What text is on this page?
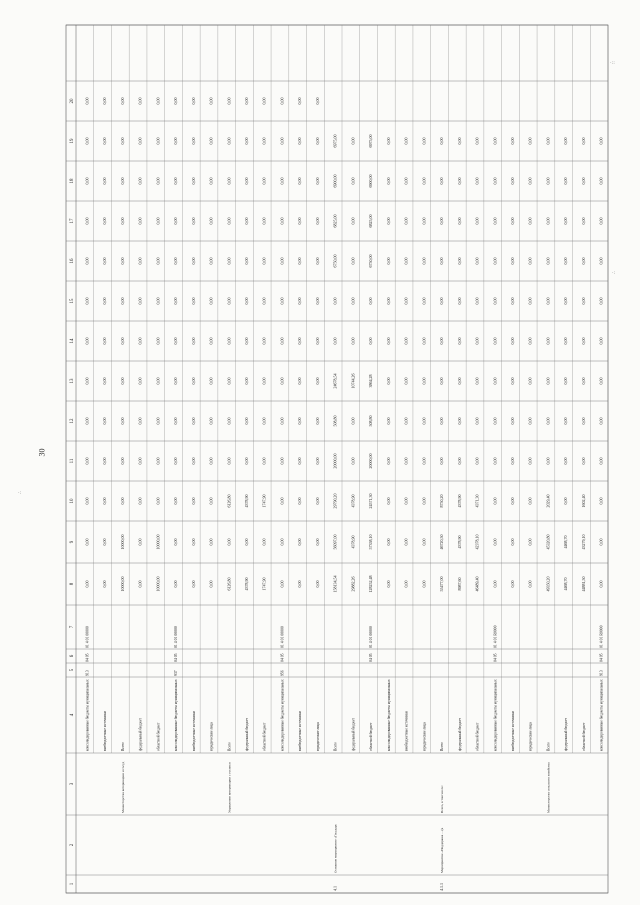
1
2
3
4
5
6
7
8
9
10
11
12
13
14
15
16
17
18
19
20
консолидированные бюджеты муниципальных
913
04 05
01 4 01 00000
0,00
0,00
0,00
0,00
0,00
0,00
0,00
0,00
0,00
0,00
0,00
0,00
0,00
внебюджетные источники
0,00
0,00
0,00
0,00
0,00
0,00
0,00
0,00
0,00
0,00
0,00
0,00
0,00
Министерство ветеринарии и госуд
Всего
10000,00
10000,00
0,00
0,00
0,00
0,00
0,00
0,00
0,00
0,00
0,00
0,00
0,00
федеральный бюджет
0,00
0,00
0,00
0,00
0,00
0,00
0,00
0,00
0,00
0,00
0,00
0,00
0,00
областной бюджет
10000,00
10000,00
0,00
0,00
0,00
0,00
0,00
0,00
0,00
0,00
0,00
0,00
0,00
консолидированные бюджеты муниципальных
937
04 05
01 4 01 00000
0,00
0,00
0,00
0,00
0,00
0,00
0,00
0,00
0,00
0,00
0,00
0,00
0,00
внебюджетные источники
0,00
0,00
0,00
0,00
0,00
0,00
0,00
0,00
0,00
0,00
0,00
0,00
0,00
юридические лица
0,00
0,00
0,00
0,00
0,00
0,00
0,00
0,00
0,00
0,00
0,00
0,00
0,00
Управление ветеринарии с госинсп
Всего
6126,80
0,00
6126,80
0,00
0,00
0,00
0,00
0,00
0,00
0,00
0,00
0,00
0,00
федеральный бюджет
4378,90
0,00
4378,90
0,00
0,00
0,00
0,00
0,00
0,00
0,00
0,00
0,00
0,00
областной бюджет
1747,90
0,00
1747,90
0,00
0,00
0,00
0,00
0,00
0,00
0,00
0,00
0,00
0,00
консолидированные бюджеты муниципальных
956
04 05
01 4 01 00000
0,00
0,00
0,00
0,00
0,00
0,00
0,00
0,00
0,00
0,00
0,00
0,00
0,00
внебюджетные источники
0,00
0,00
0,00
0,00
0,00
0,00
0,00
0,00
0,00
0,00
0,00
0,00
0,00
юридические лица
0,00
0,00
0,00
0,00
0,00
0,00
0,00
0,00
0,00
0,00
0,00
0,00
0,00
4.1
Основное мероприятие «Государс
Всего
158134,54
56097,00
29790,20
20000,00
508,80
24678,54
0,00
0,00
6750,00
6825,00
6900,00
6975,00
федеральный бюджет
29882,26
4378,90
4378,90
0,00
0,00
10744,26
0,00
0,00
0,00
0,00
0,00
0,00
областной бюджет
04 05
01 4 01 00000
128252,48
57358,10
24571,30
20000,00
508,80
3864,28
0,00
0,00
6750,00
6825,00
6900,00
6975,00
консолидированные бюджеты муниципальных
0,00
0,00
0,00
0,00
0,00
0,00
0,00
0,00
0,00
0,00
0,00
0,00
внебюджетные источники
0,00
0,00
0,00
0,00
0,00
0,00
0,00
0,00
0,00
0,00
0,00
0,00
юридические лица
0,00
0,00
0,00
0,00
0,00
0,00
0,00
0,00
0,00
0,00
0,00
0,00
4.1.1
Мероприятие «Поддержка ... (в
Всего, в том числе:
Всего
55477,00
46720,50
8750,20
0,00
0,00
0,00
0,00
0,00
0,00
0,00
0,00
0,00
федеральный бюджет
8987,60
4378,90
4378,90
0,00
0,00
0,00
0,00
0,00
0,00
0,00
0,00
0,00
областной бюджет
46489,40
42378,10
4371,30
0,00
0,00
0,00
0,00
0,00
0,00
0,00
0,00
0,00
консолидированные бюджеты муниципальных
04 05
01 4 01 R0000
0,00
0,00
0,00
0,00
0,00
0,00
0,00
0,00
0,00
0,00
0,00
0,00
внебюджетные источники
0,00
0,00
0,00
0,00
0,00
0,00
0,00
0,00
0,00
0,00
0,00
0,00
юридические лица
0,00
0,00
0,00
0,00
0,00
0,00
0,00
0,00
0,00
0,00
0,00
0,00
Министерство сельского хозяйства
Всего
49350,20
45320,80
2029,40
0,00
0,00
0,00
0,00
0,00
0,00
0,00
0,00
0,00
федеральный бюджет
4468,70
4468,70
0,00
0,00
0,00
0,00
0,00
0,00
0,00
0,00
0,00
0,00
областной бюджет
44881,50
43279,10
1602,40
0,00
0,00
0,00
0,00
0,00
0,00
0,00
0,00
0,00
консолидированные бюджеты муниципальных
913
04 05
01 4 01 R0000
0,00
0,00
0,00
0,00
0,00
0,00
0,00
0,00
0,00
0,00
0,00
0,00
30
·:
·::
·:
